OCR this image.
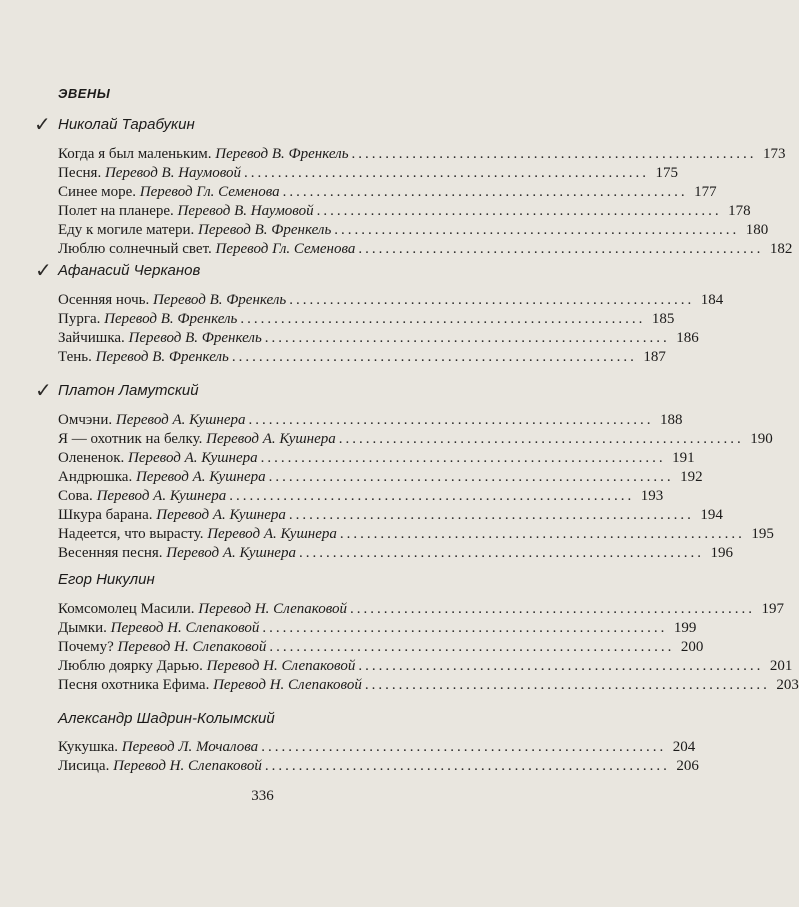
ЭВЕНЫ
✓ Николай Тарабукин
Когда я был маленьким. Перевод В. Френкель ............................................................ 173
Песня. Перевод В. Наумовой ............................................................ 175
Синее море. Перевод Гл. Семенова ............................................................ 177
Полет на планере. Перевод В. Наумовой ............................................................ 178
Еду к могиле матери. Перевод В. Френкель ............................................................ 180
Люблю солнечный свет. Перевод Гл. Семенова ............................................................ 182
✓ Афанасий Черканов
Осенняя ночь. Перевод В. Френкель ............................................................ 184
Пурга. Перевод В. Френкель ............................................................ 185
Зайчишка. Перевод В. Френкель ............................................................ 186
Тень. Перевод В. Френкель ............................................................ 187
✓ Платон Ламутский
Омчэни. Перевод А. Кушнера ............................................................ 188
Я — охотник на белку. Перевод А. Кушнера ............................................................ 190
Олененок. Перевод А. Кушнера ............................................................ 191
Андрюшка. Перевод А. Кушнера ............................................................ 192
Сова. Перевод А. Кушнера ............................................................ 193
Шкура барана. Перевод А. Кушнера ............................................................ 194
Надеется, что вырасту. Перевод А. Кушнера ............................................................ 195
Весенняя песня. Перевод А. Кушнера ............................................................ 196
Егор Никулин
Комсомолец Масили. Перевод Н. Слепаковой ............................................................ 197
Дымки. Перевод Н. Слепаковой ............................................................ 199
Почему? Перевод Н. Слепаковой ............................................................ 200
Люблю доярку Дарью. Перевод Н. Слепаковой ............................................................ 201
Песня охотника Ефима. Перевод Н. Слепаковой ............................................................ 203
Александр Шадрин-Колымский
Кукушка. Перевод Л. Мочалова ............................................................ 204
Лисица. Перевод Н. Слепаковой ............................................................ 206
336
